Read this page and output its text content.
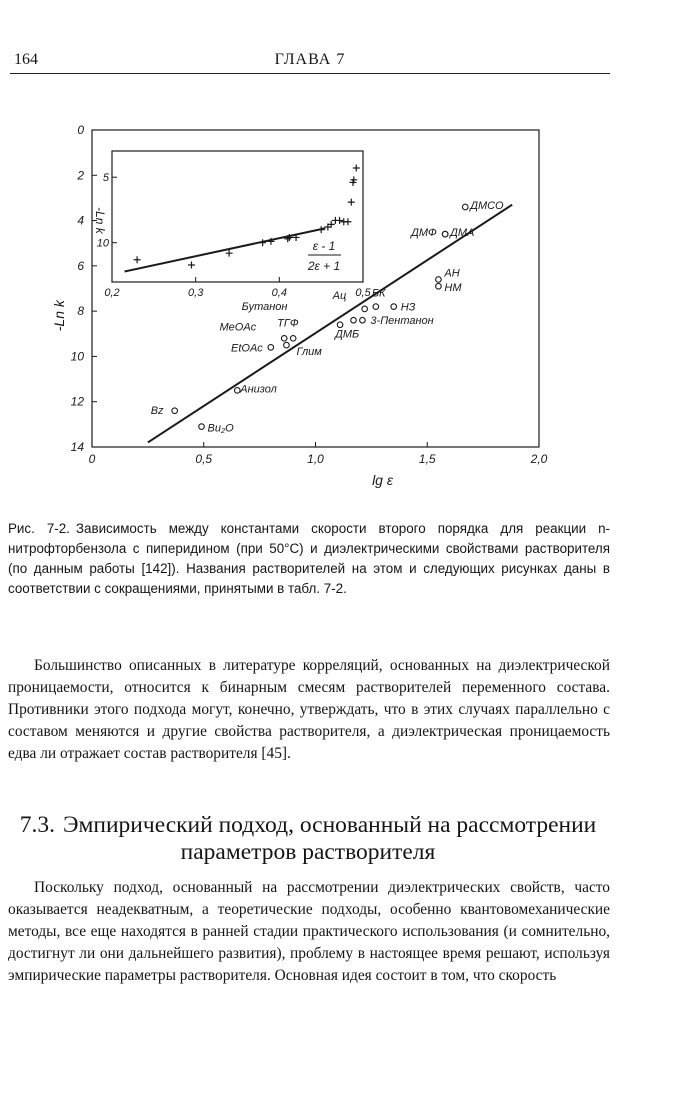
164	ГЛАВА 7
0	0,5	1,0	1,5	2,0
0
2
4
6
8
10
12
14
lg ε
-Ln k
Bz
Bu₂O
Анизол
EtOAc
MeOAc ТГФ
Глим
ДМБ
Бутанон
3-Пентанон
Ац БК
НЗ
АН
НМ
ДМФ ДМА
ДМСО
0,2	0,3	0,4	0,5
5
10
-Ln k
ε - 1
2ε + 1

Рис. 7-2. Зависимость между константами скорости второго порядка для реакции n-нитрофторбензола с пиперидином (при 50°С) и диэлектрическими свойствами растворителя (по данным работы [142]). Названия растворителей на этом и следующих рисунках даны в соответствии с сокращениями, принятыми в табл. 7-2.

Большинство описанных в литературе корреляций, основанных на диэлектрической проницаемости, относится к бинарным смесям растворителей переменного состава. Противники этого подхода могут, конечно, утверждать, что в этих случаях параллельно с составом меняются и другие свойства растворителя, а диэлектрическая проницаемость едва ли отражает состав растворителя [45].

7.3. Эмпирический подход, основанный на рассмотрении параметров растворителя

Поскольку подход, основанный на рассмотрении диэлектрических свойств, часто оказывается неадекватным, а теоретические подходы, особенно квантовомеханические методы, все еще находятся в ранней стадии практического использования (и сомнительно, достигнут ли они дальнейшего развития), проблему в настоящее время решают, используя эмпирические параметры растворителя. Основная идея состоит в том, что скорость
